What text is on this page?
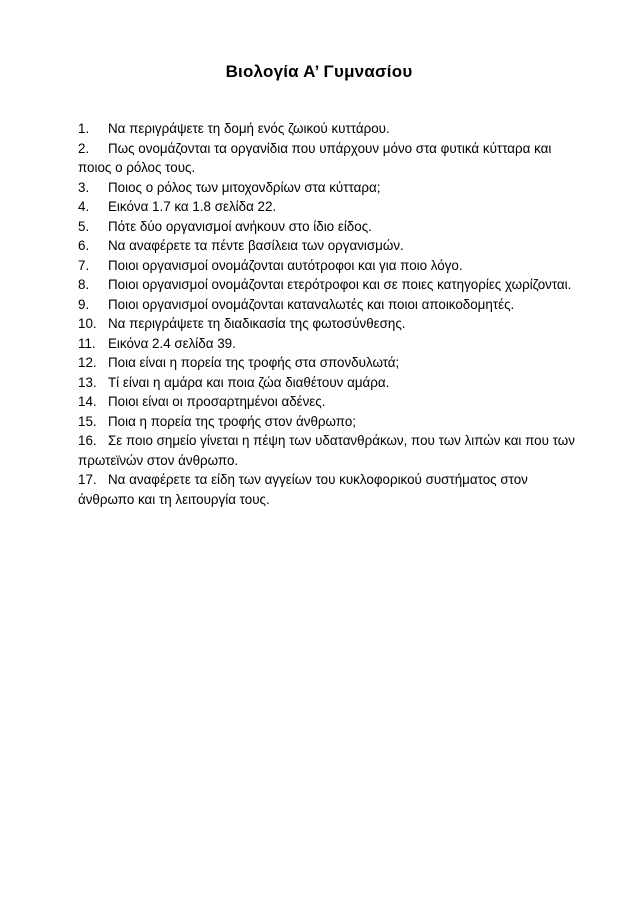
Βιολογία Α’ Γυμνασίου
1. Να περιγράψετε τη δομή ενός ζωικού κυττάρου.
2. Πως ονομάζονται τα οργανίδια που υπάρχουν μόνο στα φυτικά κύτταρα και ποιος ο ρόλος τους.
3. Ποιος ο ρόλος των μιτοχονδρίων στα κύτταρα;
4. Εικόνα 1.7 κα 1.8 σελίδα 22.
5. Πότε δύο οργανισμοί ανήκουν στο ίδιο είδος.
6. Να αναφέρετε τα πέντε βασίλεια των οργανισμών.
7. Ποιοι οργανισμοί ονομάζονται αυτότροφοι και για ποιο λόγο.
8. Ποιοι οργανισμοί ονομάζονται ετερότροφοι και σε ποιες κατηγορίες χωρίζονται.
9. Ποιοι οργανισμοί ονομάζονται καταναλωτές και ποιοι αποικοδομητές.
10. Να περιγράψετε τη διαδικασία της φωτοσύνθεσης.
11. Εικόνα 2.4 σελίδα 39.
12. Ποια είναι η πορεία της τροφής στα σπονδυλωτά;
13. Τί είναι η αμάρα και ποια ζώα διαθέτουν αμάρα.
14. Ποιοι είναι οι προσαρτημένοι αδένες.
15. Ποια η πορεία της τροφής στον άνθρωπο;
16. Σε ποιο σημείο γίνεται η πέψη των υδατανθράκων, που των λιπών και που των πρωτεϊνών στον άνθρωπο.
17. Να αναφέρετε τα είδη των αγγείων του κυκλοφορικού συστήματος στον άνθρωπο και τη λειτουργία τους.
